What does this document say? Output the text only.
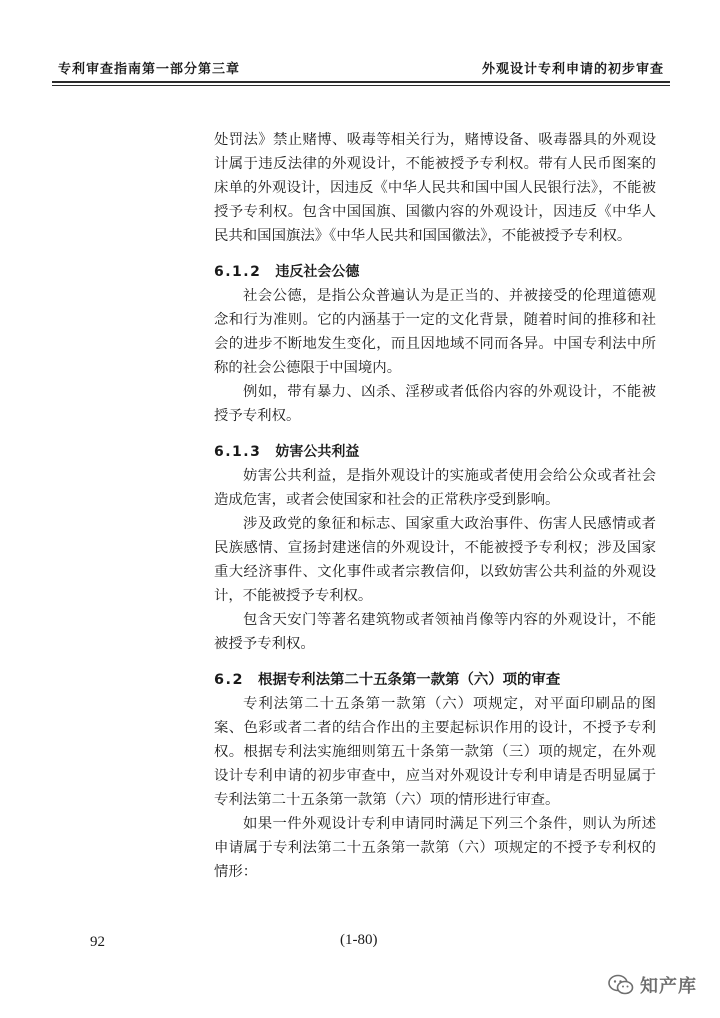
专利审查指南第一部分第三章	外观设计专利申请的初步审查

处罚法》禁止赌博、吸毒等相关行为，赌博设备、吸毒器具的外观设计属于违反法律的外观设计，不能被授予专利权。带有人民币图案的床单的外观设计，因违反《中华人民共和国中国人民银行法》，不能被授予专利权。包含中国国旗、国徽内容的外观设计，因违反《中华人民共和国国旗法》《中华人民共和国国徽法》，不能被授予专利权。

6.1.2 违反社会公德

社会公德，是指公众普遍认为是正当的、并被接受的伦理道德观念和行为准则。它的内涵基于一定的文化背景，随着时间的推移和社会的进步不断地发生变化，而且因地域不同而各异。中国专利法中所称的社会公德限于中国境内。

例如，带有暴力、凶杀、淫秽或者低俗内容的外观设计，不能被授予专利权。

6.1.3 妨害公共利益

妨害公共利益，是指外观设计的实施或者使用会给公众或者社会造成危害，或者会使国家和社会的正常秩序受到影响。

涉及政党的象征和标志、国家重大政治事件、伤害人民感情或者民族感情、宣扬封建迷信的外观设计，不能被授予专利权；涉及国家重大经济事件、文化事件或者宗教信仰，以致妨害公共利益的外观设计，不能被授予专利权。

包含天安门等著名建筑物或者领袖肖像等内容的外观设计，不能被授予专利权。

6.2 根据专利法第二十五条第一款第（六）项的审查

专利法第二十五条第一款第（六）项规定，对平面印刷品的图案、色彩或者二者的结合作出的主要起标识作用的设计，不授予专利权。根据专利法实施细则第五十条第一款第（三）项的规定，在外观设计专利申请的初步审查中，应当对外观设计专利申请是否明显属于专利法第二十五条第一款第（六）项的情形进行审查。

如果一件外观设计专利申请同时满足下列三个条件，则认为所述申请属于专利法第二十五条第一款第（六）项规定的不授予专利权的情形：

92	(1-80)
知产库
